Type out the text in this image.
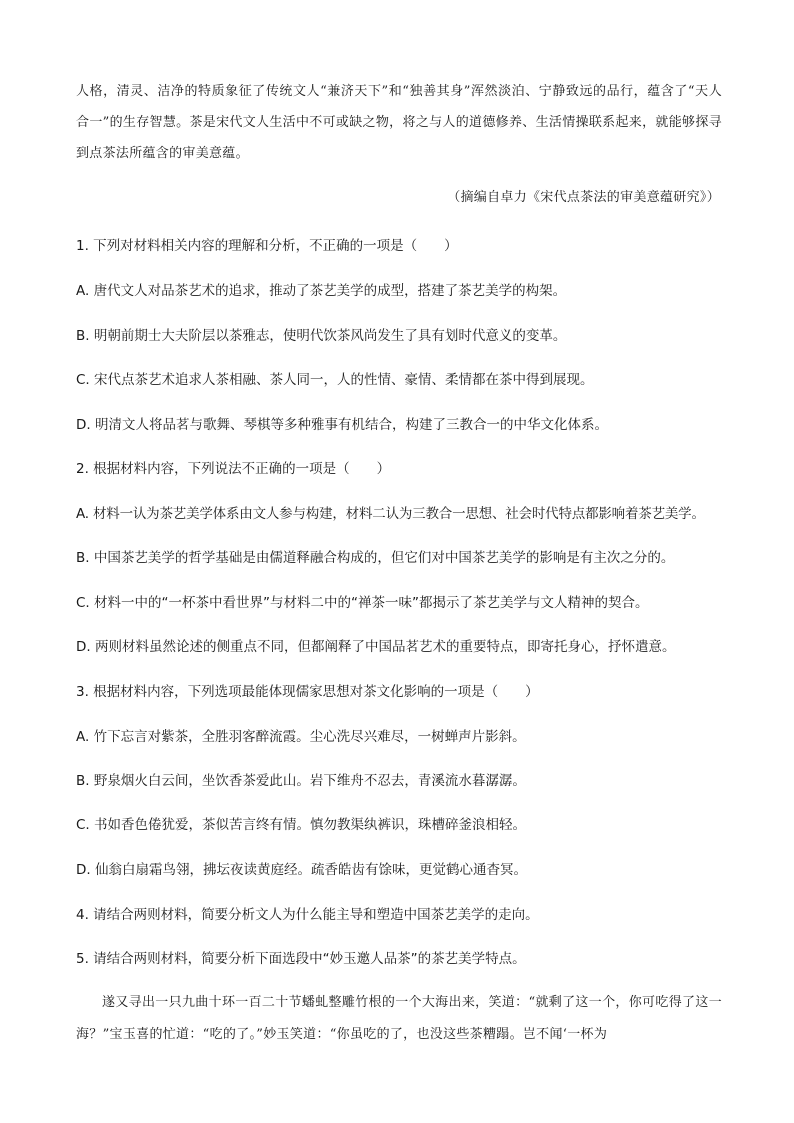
人格，清灵、洁净的特质象征了传统文人“兼济天下”和“独善其身”浑然淡泊、宁静致远的品行，蕴含了“天人合一”的生存智慧。茶是宋代文人生活中不可或缺之物，将之与人的道德修养、生活情操联系起来，就能够探寻到点茶法所蕴含的审美意蕴。

（摘编自卓力《宋代点茶法的审美意蕴研究》）

1. 下列对材料相关内容的理解和分析，不正确的一项是（　　）

A. 唐代文人对品茶艺术的追求，推动了茶艺美学的成型，搭建了茶艺美学的构架。

B. 明朝前期士大夫阶层以茶雅志，使明代饮茶风尚发生了具有划时代意义的变革。

C. 宋代点茶艺术追求人茶相融、茶人同一，人的性情、豪情、柔情都在茶中得到展现。

D. 明清文人将品茗与歌舞、琴棋等多种雅事有机结合，构建了三教合一的中华文化体系。

2. 根据材料内容，下列说法不正确的一项是（　　）

A. 材料一认为茶艺美学体系由文人参与构建，材料二认为三教合一思想、社会时代特点都影响着茶艺美学。

B. 中国茶艺美学的哲学基础是由儒道释融合构成的，但它们对中国茶艺美学的影响是有主次之分的。

C. 材料一中的“一杯茶中看世界”与材料二中的“禅茶一味”都揭示了茶艺美学与文人精神的契合。

D. 两则材料虽然论述的侧重点不同，但都阐释了中国品茗艺术的重要特点，即寄托身心，抒怀遣意。

3. 根据材料内容，下列选项最能体现儒家思想对茶文化影响的一项是（　　）

A. 竹下忘言对紫茶，全胜羽客醉流霞。尘心洗尽兴难尽，一树蝉声片影斜。

B. 野泉烟火白云间，坐饮香茶爱此山。岩下维舟不忍去，青溪流水暮潺潺。

C. 书如香色倦犹爱，茶似苦言终有情。慎勿教渠纨裤识，珠槽碎釜浪相轻。

D. 仙翁白扇霜鸟翎，拂坛夜读黄庭经。疏香皓齿有馀味，更觉鹤心通杳冥。

4. 请结合两则材料，简要分析文人为什么能主导和塑造中国茶艺美学的走向。

5. 请结合两则材料，简要分析下面选段中“妙玉邀人品茶”的茶艺美学特点。

遂又寻出一只九曲十环一百二十节蟠虬整雕竹根的一个大海出来，笑道：“就剩了这一个，你可吃得了这一海？”宝玉喜的忙道：“吃的了。”妙玉笑道：“你虽吃的了，也没这些茶糟蹋。岂不闻‘一杯为
